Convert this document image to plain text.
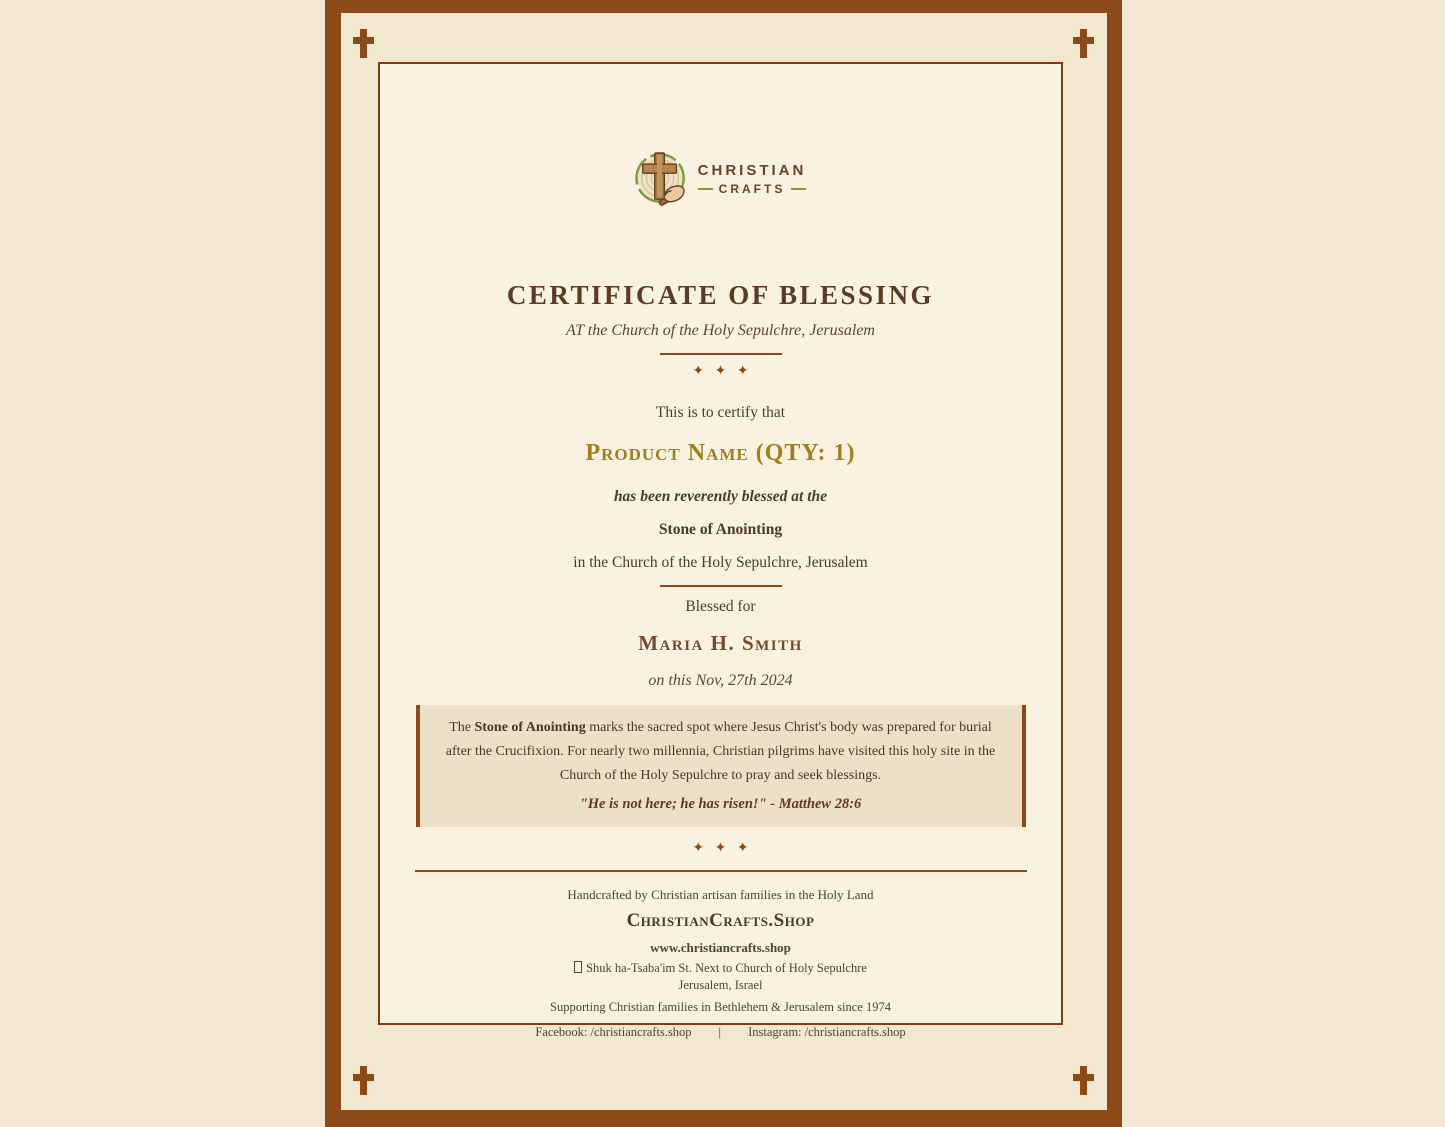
CHRISTIAN
CRAFTS
CERTIFICATE OF BLESSING
AT the Church of the Holy Sepulchre, Jerusalem
✦ ✦ ✦
This is to certify that
Product Name (QTY: 1)
has been reverently blessed at the
Stone of Anointing
in the Church of the Holy Sepulchre, Jerusalem
Blessed for
Maria H. Smith
on this Nov, 27th 2024
The Stone of Anointing marks the sacred spot where Jesus Christ's body was prepared for burial after the Crucifixion. For nearly two millennia, Christian pilgrims have visited this holy site in the Church of the Holy Sepulchre to pray and seek blessings.
"He is not here; he has risen!" - Matthew 28:6
✦ ✦ ✦
Handcrafted by Christian artisan families in the Holy Land
ChristianCrafts.Shop
www.christiancrafts.shop
Shuk ha-Tsaba'im St. Next to Church of Holy Sepulchre
Jerusalem, Israel
Supporting Christian families in Bethlehem & Jerusalem since 1974
Facebook: /christiancrafts.shop | Instagram: /christiancrafts.shop
